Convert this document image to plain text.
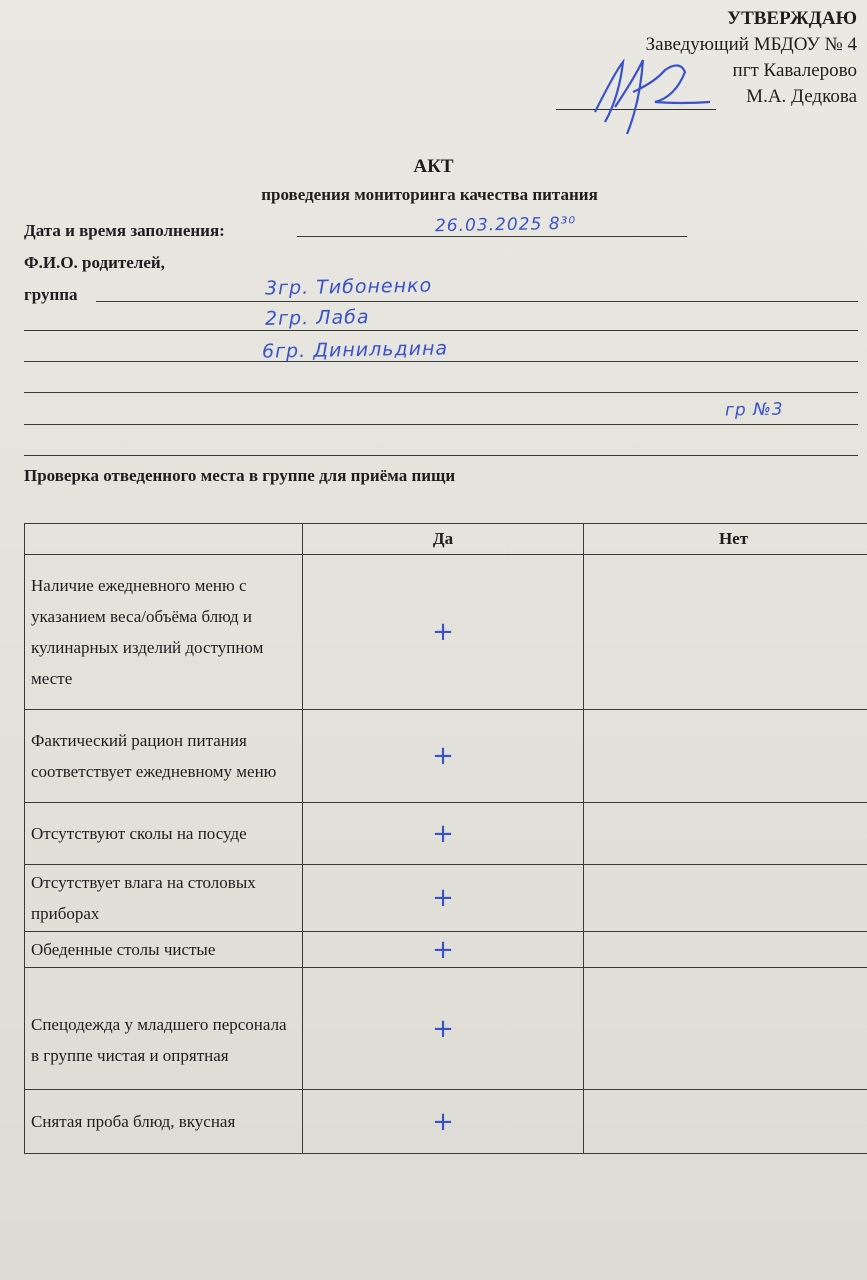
УТВЕРЖДАЮ
Заведующий МБДОУ № 4
пгт Кавалерово
М.А. Дедкова
АКТ
проведения мониторинга качества питания
Дата и время заполнения:	26.03.2025 8³⁰
Ф.И.О. родителей,
группа	3гр. Тибоненко
2гр. Лаба
6гр. Динильдина
гр №3
Проверка отведенного места в группе для приёма пищи
	Да	Нет
Наличие ежедневного меню с указанием веса/объёма блюд и кулинарных изделий доступном месте	+	
Фактический рацион питания соответствует ежедневному меню	+	
Отсутствуют сколы на посуде	+	
Отсутствует влага на столовых приборах	+	
Обеденные столы чистые	+	
Спецодежда у младшего персонала в группе чистая и опрятная	+	
Снятая проба блюд, вкусная	+	
